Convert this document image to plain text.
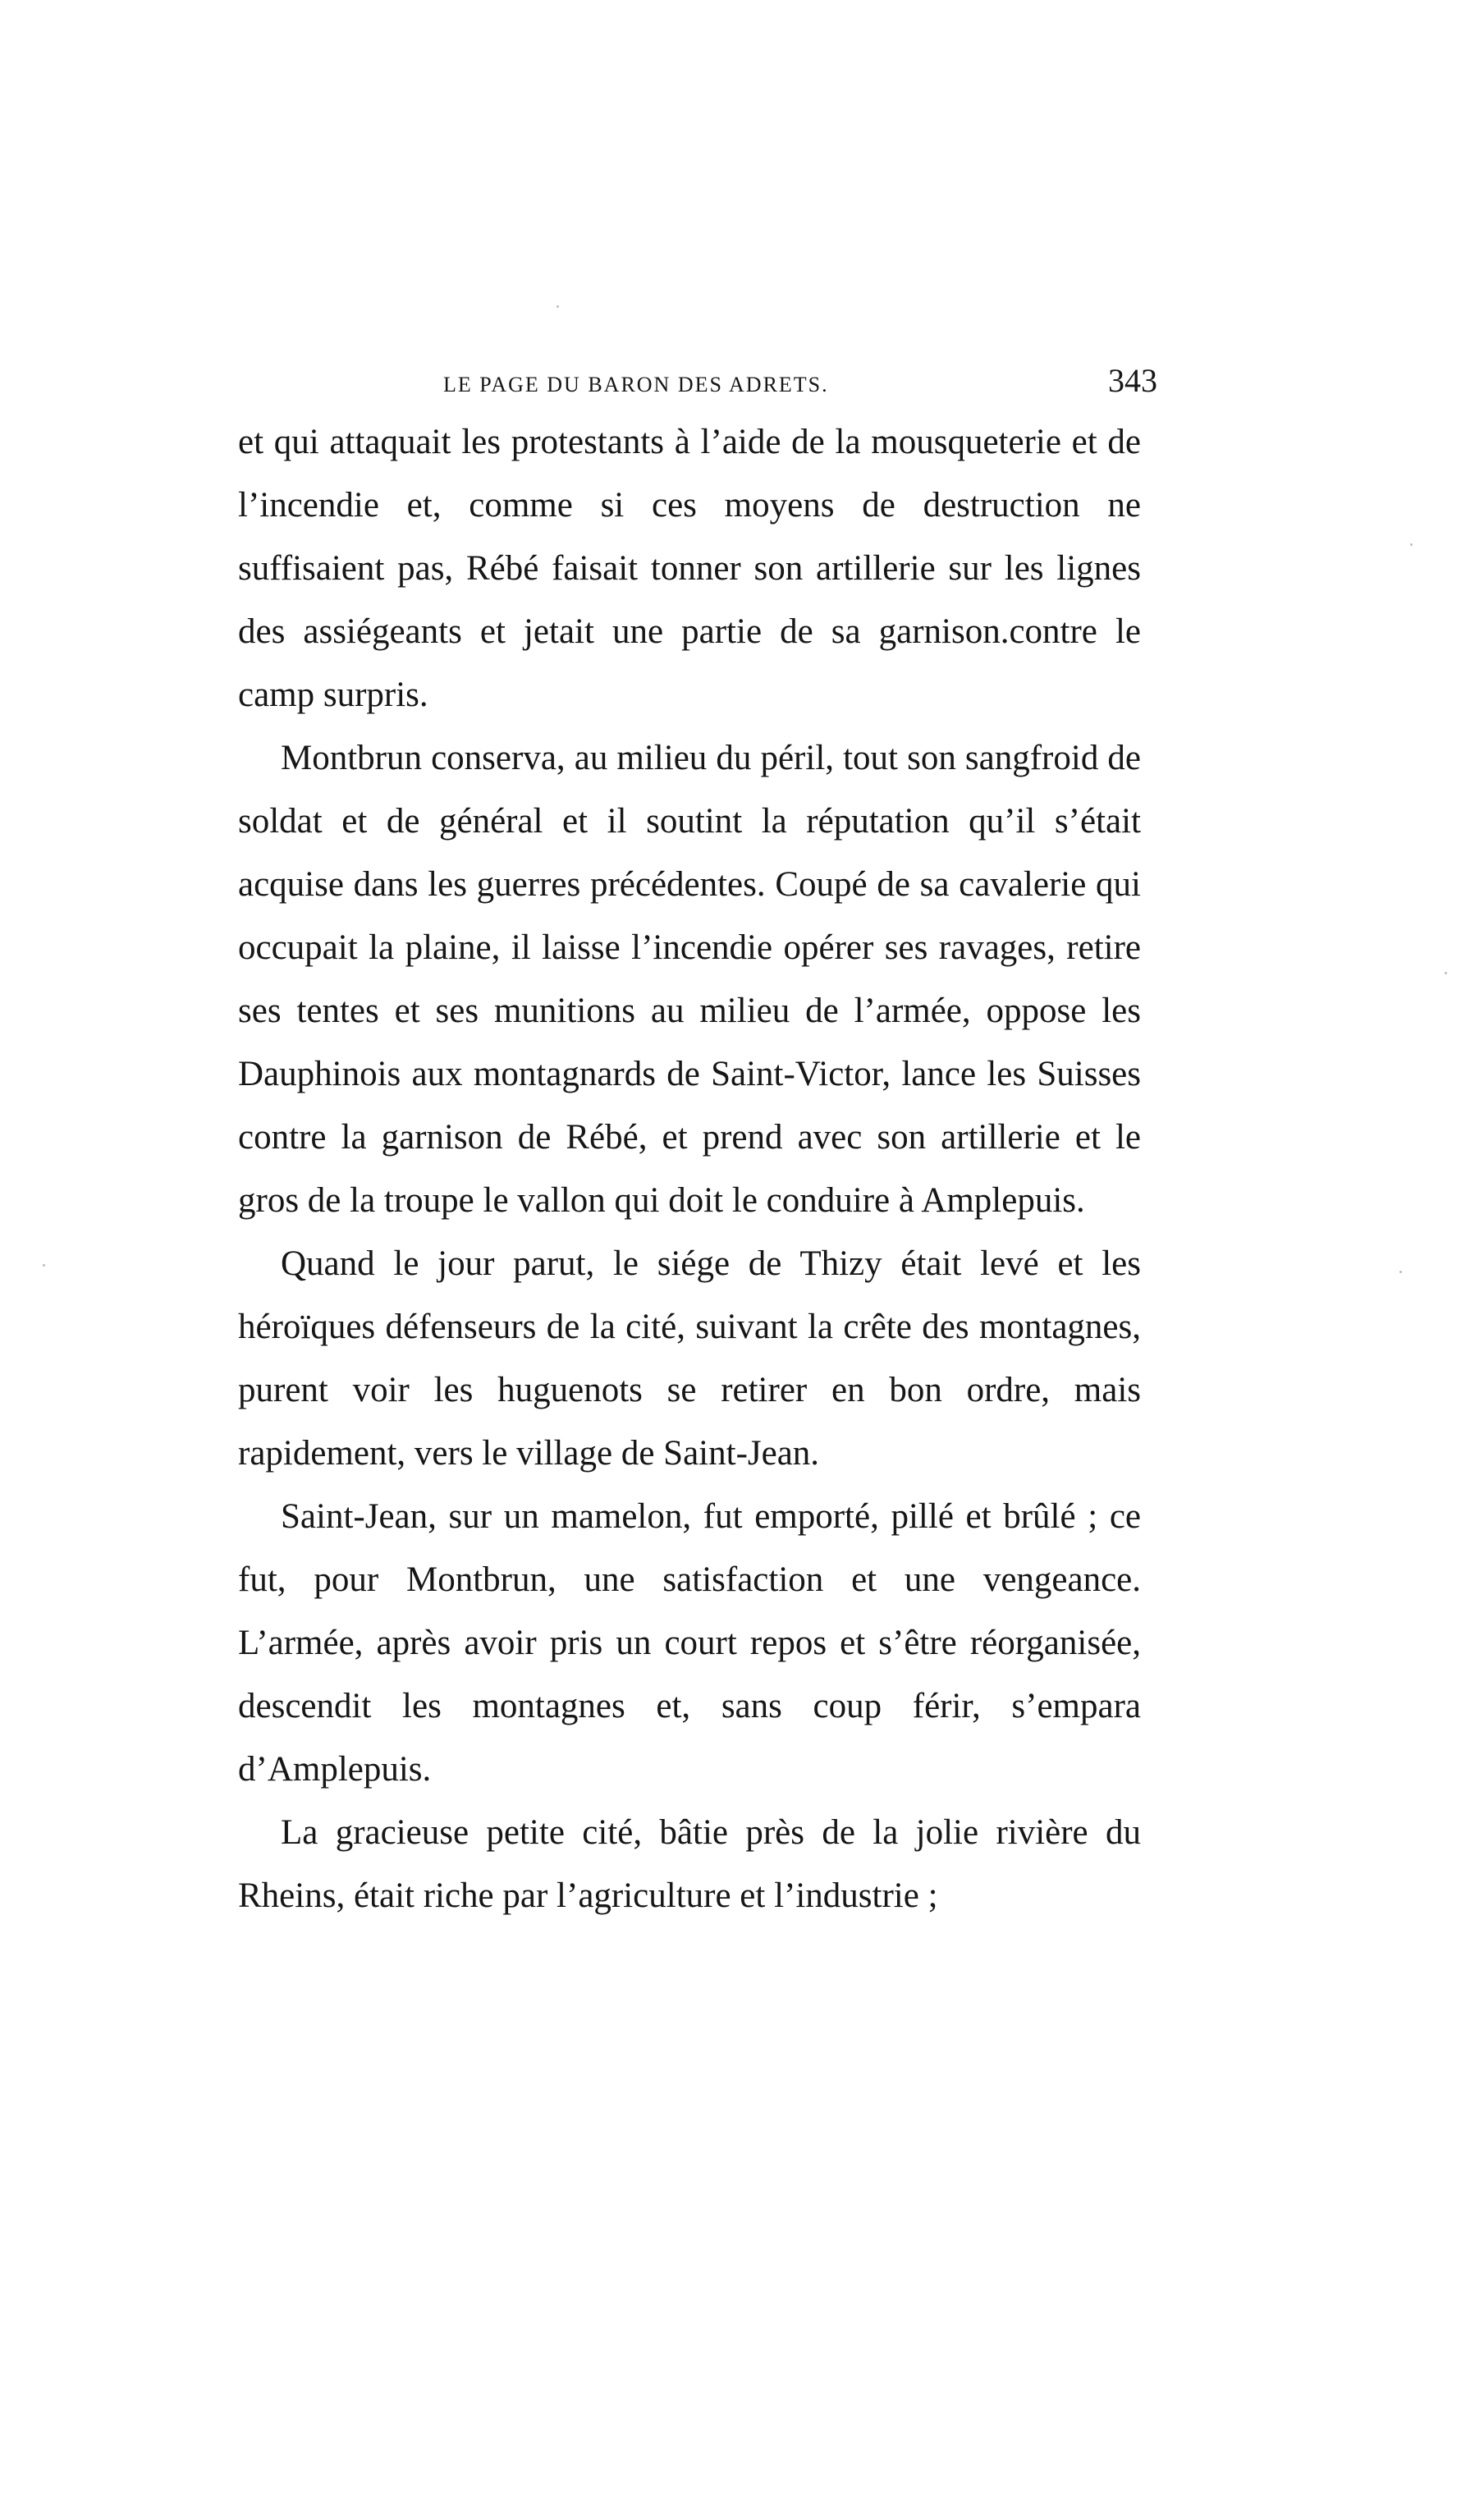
LE PAGE DU BARON DES ADRETS.	343

et qui attaquait les protestants à l’aide de la mousqueterie et de l’incendie et, comme si ces moyens de destruction ne suffisaient pas, Rébé faisait tonner son artillerie sur les lignes des assiégeants et jetait une partie de sa garnison.contre le camp surpris.

Montbrun conserva, au milieu du péril, tout son sangfroid de soldat et de général et il soutint la réputation qu’il s’était acquise dans les guerres précédentes. Coupé de sa cavalerie qui occupait la plaine, il laisse l’incendie opérer ses ravages, retire ses tentes et ses munitions au milieu de l’armée, oppose les Dauphinois aux montagnards de Saint-Victor, lance les Suisses contre la garnison de Rébé, et prend avec son artillerie et le gros de la troupe le vallon qui doit le conduire à Amplepuis.

Quand le jour parut, le siége de Thizy était levé et les héroïques défenseurs de la cité, suivant la crête des montagnes, purent voir les huguenots se retirer en bon ordre, mais rapidement, vers le village de Saint-Jean.

Saint-Jean, sur un mamelon, fut emporté, pillé et brûlé ; ce fut, pour Montbrun, une satisfaction et une vengeance. L’armée, après avoir pris un court repos et s’être réorganisée, descendit les montagnes et, sans coup férir, s’empara d’Amplepuis.

La gracieuse petite cité, bâtie près de la jolie rivière du Rheins, était riche par l’agriculture et l’industrie ;
